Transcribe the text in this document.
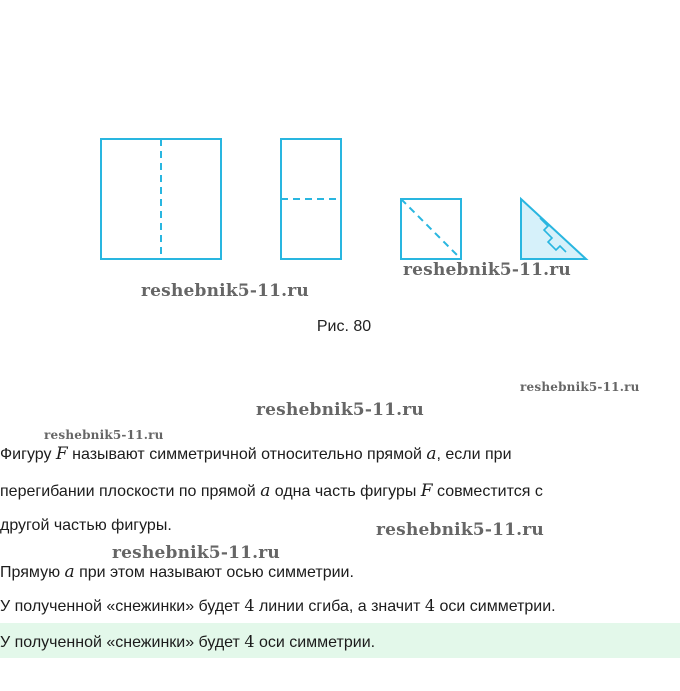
Рис. 80
reshebnik5-11.ru
reshebnik5-11.ru
reshebnik5-11.ru
reshebnik5-11.ru
reshebnik5-11.ru
reshebnik5-11.ru
reshebnik5-11.ru
Фигуру F называют симметричной относительно прямой a, если при
перегибании плоскости по прямой a одна часть фигуры F совместится с
другой частью фигуры.
Прямую a при этом называют осью симметрии.
У полученной «снежинки» будет 4 линии сгиба, а значит 4 оси симметрии.
У полученной «снежинки» будет 4 оси симметрии.
